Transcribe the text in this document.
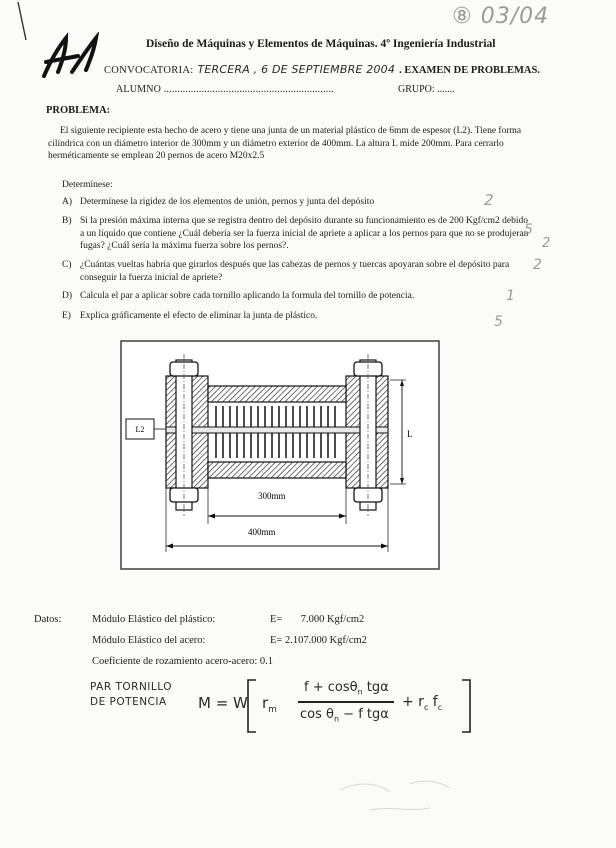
⑧ 03/04
Diseño de Máquinas y Elementos de Máquinas. 4º Ingeniería Industrial
CONVOCATORIA: TERCERA , 6 DE SEPTIEMBRE 2004 . EXAMEN DE PROBLEMAS.
ALUMNO ...............................................................	GRUPO: .......
PROBLEMA:
El siguiente recipiente esta hecho de acero y tiene una junta de un material plástico de 6mm de espesor (L2). Tiene forma cilíndrica con un diámetro interior de 300mm y un diámetro exterior de 400mm. La altura L mide 200mm. Para cerrarlo herméticamente se emplean 20 pernos de acero M20x2.5
Determínese:
A) Determínese la rigidez de los elementos de unión, pernos y junta del depósito
B) Si la presión máxima interna que se registra dentro del depósito durante su funcionamiento es de 200 Kgf/cm2 debido a un líquido que contiene ¿Cuál debería ser la fuerza inicial de apriete a aplicar a los pernos para que no se produjeran fugas? ¿Cuál sería la máxima fuerza sobre los pernos?.
C) ¿Cuántas vueltas habría que girarlos después que las cabezas de pernos y tuercas apoyaran sobre el depósito para conseguir la fuerza inicial de apriete?
D) Calcula el par a aplicar sobre cada tornillo aplicando la formula del tornillo de potencia.
E) Explica gráficamente el efecto de eliminar la junta de plástico.
2
5
2
2
1
5
L2	L
300mm
400mm
Datos:	Módulo Elástico del plástico:	E=       7.000 Kgf/cm2
Módulo Elástico del acero:	E= 2.107.000 Kgf/cm2
Coeficiente de rozamiento acero-acero: 0.1	
PAR TORNILLO
DE POTENCIA	M = W $r_m$
f + cosθ$_n$ tgα
$\cos \theta_n - f$ tgα
+ $r_c$ $f_c$
